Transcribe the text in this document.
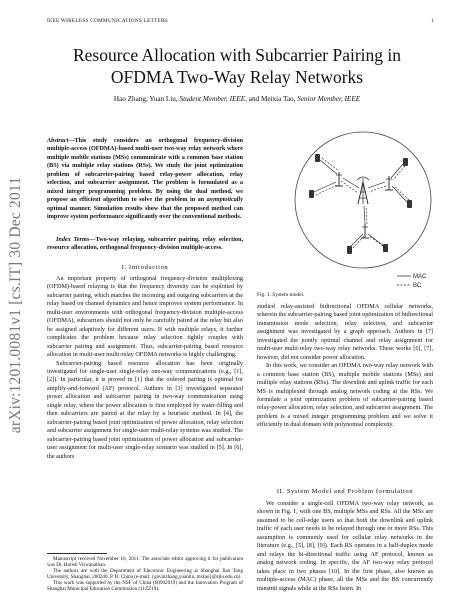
IEEE WIRELESS COMMUNICATIONS LETTERS	1
Resource Allocation with Subcarrier Pairing in
OFDMA Two-Way Relay Networks
Hao Zhang, Yuan Liu, Student Member, IEEE, and Meixia Tao, Senior Member, IEEE
arXiv:1201.0081v1 [cs.IT] 30 Dec 2011

Abstract—This study considers an orthogonal frequency-division multiple-access (OFDMA)-based multi-user two-way relay network where multiple mobile stations (MSs) communicate with a common base station (BS) via multiple relay stations (RSs). We study the joint optimization problem of subcarrier-pairing based relay-power allocation, relay selection, and subcarrier assignment. The problem is formulated as a mixed integer programming problem. By using the dual method, we propose an efficient algorithm to solve the problem in an asymptotically optimal manner. Simulation results show that the proposed method can improve system performance significantly over the conventional methods.

Index Terms—Two-way relaying, subcarrier pairing, relay selection, resource allocation, orthogonal frequency-division multiple-access.

I. Introduction

An important property of orthogonal frequency-division multiplexing (OFDM)-based relaying is that the frequency diversity can be exploited by subcarrier pairing, which matches the incoming and outgoing subcarriers at the relay based on channel dynamics and hence improves system performance. In multi-user environments with orthogonal frequency-division multiple-access (OFDMA), subcarriers should not only be carefully paired at the relay but also be assigned adaptively for different users. If with multiple relays, it further complicates the problem because relay selection tightly couples with subcarrier pairing and assignment. Thus, subcarrier-pairing based resource allocation in multi-user multi-relay OFDMA networks is highly challenging.

Subcarrier-pairing based resource allocation has been originally investigated for single-user single-relay one-way communications (e.g., [1], [2]). In particular, it is proved in [1] that the ordered pairing is optimal for amplify-and-forward (AF) protocol. Authors in [3] investigated separated power allocation and subcarrier pairing in two-way communication using single relay, where the power allocation is first employed by water-filling and then subcarriers are paired at the relay by a heuristic method. In [4], the subcarrier-pairing based joint optimization of power allocation, relay selection and subcarrier assignment for single-user multi-relay systems was studied. The subcarrier-pairing based joint optimization of power allocation and subcarrier-user assignment for multi-user single-relay scenario was studied in [5]. In [6], the authors

Manuscript received November 16, 2011. The associate editor approving it for publication was Dr. Harish Viswanathan.
The authors are with the Department of Electronic Engineering at Shanghai Jiao Tong University, Shanghai, 200240, P. R. China (e-mail: {gavinzhang,yuanliu, mxtao}@sjtu.edu.cn).
This work was supported by the NSF of China (60902019) and the Innovation Program of Shanghai Municipal Education Commission (11ZZ19).
MAC
BC
Fig. 1. System model.

studied relay-assisted bidirectional OFDMA cellular networks, wherein the subcarrier-pairing based joint optimization of bidirectional transmission mode selection, relay selection, and subcarrier assignment was investigated by a graph approach. Authors in [7] investigated the jointly optimal channel and relay assignment for multi-user multi-relay two-way relay networks. These works [6], [7], however, did not consider power allocation.

In this work, we consider an OFDMA two-way relay network with a common base station (BS), multiple mobile stations (MSs) and multiple relay stations (RSs). The downlink and uplink traffic for each MS is multiplexed through analog network coding at the RSs. We formulate a joint optimization problem of subcarrier-pairing based relay-power allocation, relay selection, and subcarrier assignment. The problem is a mixed integer programming problem and we solve it efficiently in dual domain with polynomial complexity.

II. System Model and Problem formulation

We consider a single-cell OFDMA two-way relay network, as shown in Fig. 1, with one BS, multiple MSs and RSs. All the MSs are assumed to be cell-edge users so that both the downlink and uplink traffic of each user needs to be relayed through one or more RSs. This assumption is commonly used for cellular relay networks in the literature (e.g., [5], [8], [9]). Each RS operates in a half-duplex mode and relays the bi-directional traffic using AF protocol, known as analog network coding. In specific, the AF two-way relay protocol takes place in two phases [10]. In the first phase, also known as multiple-access (MAC) phase, all the MSs and the BS concurrently transmit signals while at the RSs listen. In
